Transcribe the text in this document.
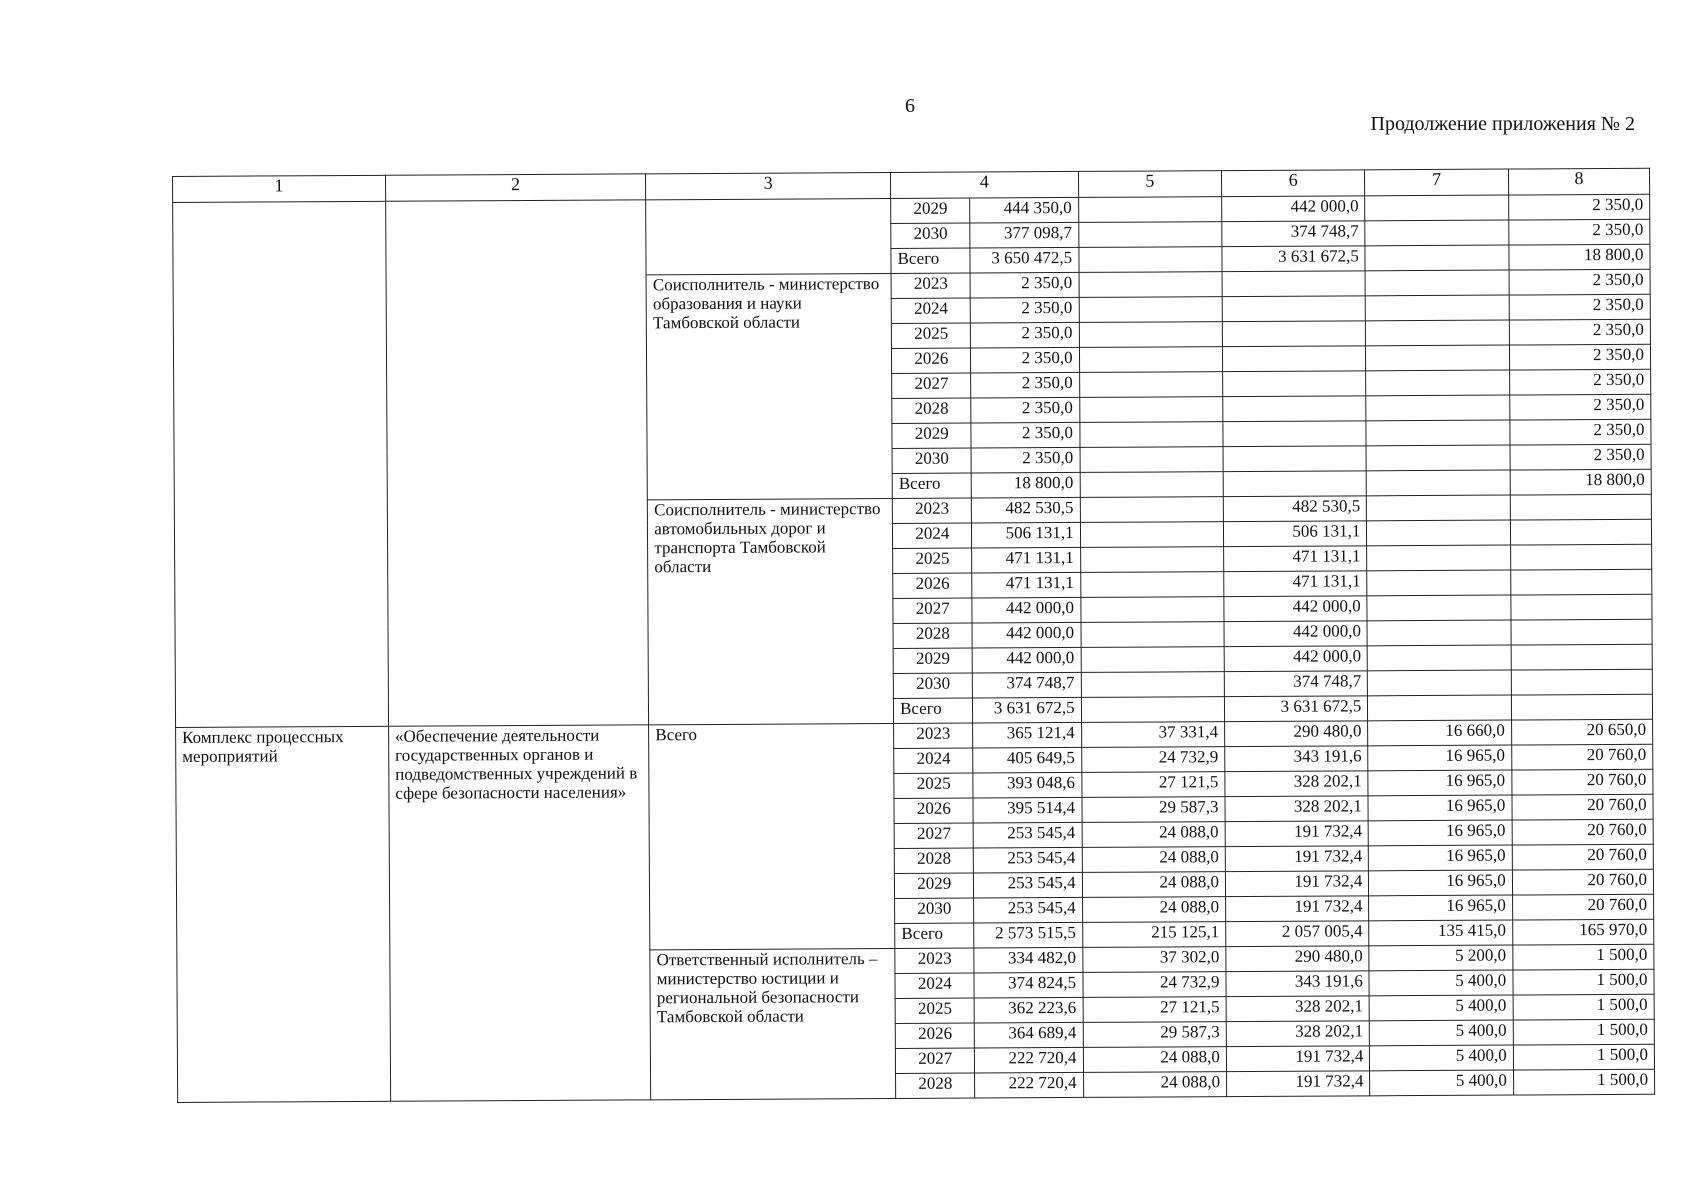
6
Продолжение приложения № 2
1	2	3	4		5	6	7	8
			2029	444 350,0		442 000,0		2 350,0
			2030	377 098,7		374 748,7		2 350,0
			Всего	3 650 472,5		3 631 672,5		18 800,0
		Соисполнитель - министерство образования и науки Тамбовской области	2023	2 350,0				2 350,0
			2024	2 350,0				2 350,0
			2025	2 350,0				2 350,0
			2026	2 350,0				2 350,0
			2027	2 350,0				2 350,0
			2028	2 350,0				2 350,0
			2029	2 350,0				2 350,0
			2030	2 350,0				2 350,0
			Всего	18 800,0				18 800,0
		Соисполнитель - министерство автомобильных дорог и транспорта Тамбовской области	2023	482 530,5		482 530,5		
			2024	506 131,1		506 131,1		
			2025	471 131,1		471 131,1		
			2026	471 131,1		471 131,1		
			2027	442 000,0		442 000,0		
			2028	442 000,0		442 000,0		
			2029	442 000,0		442 000,0		
			2030	374 748,7		374 748,7		
			Всего	3 631 672,5		3 631 672,5		
Комплекс процессных мероприятий	«Обеспечение деятельности государственных органов и подведомственных учреждений в сфере безопасности населения»	Всего	2023	365 121,4	37 331,4	290 480,0	16 660,0	20 650,0
			2024	405 649,5	24 732,9	343 191,6	16 965,0	20 760,0
			2025	393 048,6	27 121,5	328 202,1	16 965,0	20 760,0
			2026	395 514,4	29 587,3	328 202,1	16 965,0	20 760,0
			2027	253 545,4	24 088,0	191 732,4	16 965,0	20 760,0
			2028	253 545,4	24 088,0	191 732,4	16 965,0	20 760,0
			2029	253 545,4	24 088,0	191 732,4	16 965,0	20 760,0
			2030	253 545,4	24 088,0	191 732,4	16 965,0	20 760,0
			Всего	2 573 515,5	215 125,1	2 057 005,4	135 415,0	165 970,0
		Ответственный исполнитель – министерство юстиции и региональной безопасности Тамбовской области	2023	334 482,0	37 302,0	290 480,0	5 200,0	1 500,0
			2024	374 824,5	24 732,9	343 191,6	5 400,0	1 500,0
			2025	362 223,6	27 121,5	328 202,1	5 400,0	1 500,0
			2026	364 689,4	29 587,3	328 202,1	5 400,0	1 500,0
			2027	222 720,4	24 088,0	191 732,4	5 400,0	1 500,0
			2028	222 720,4	24 088,0	191 732,4	5 400,0	1 500,0
